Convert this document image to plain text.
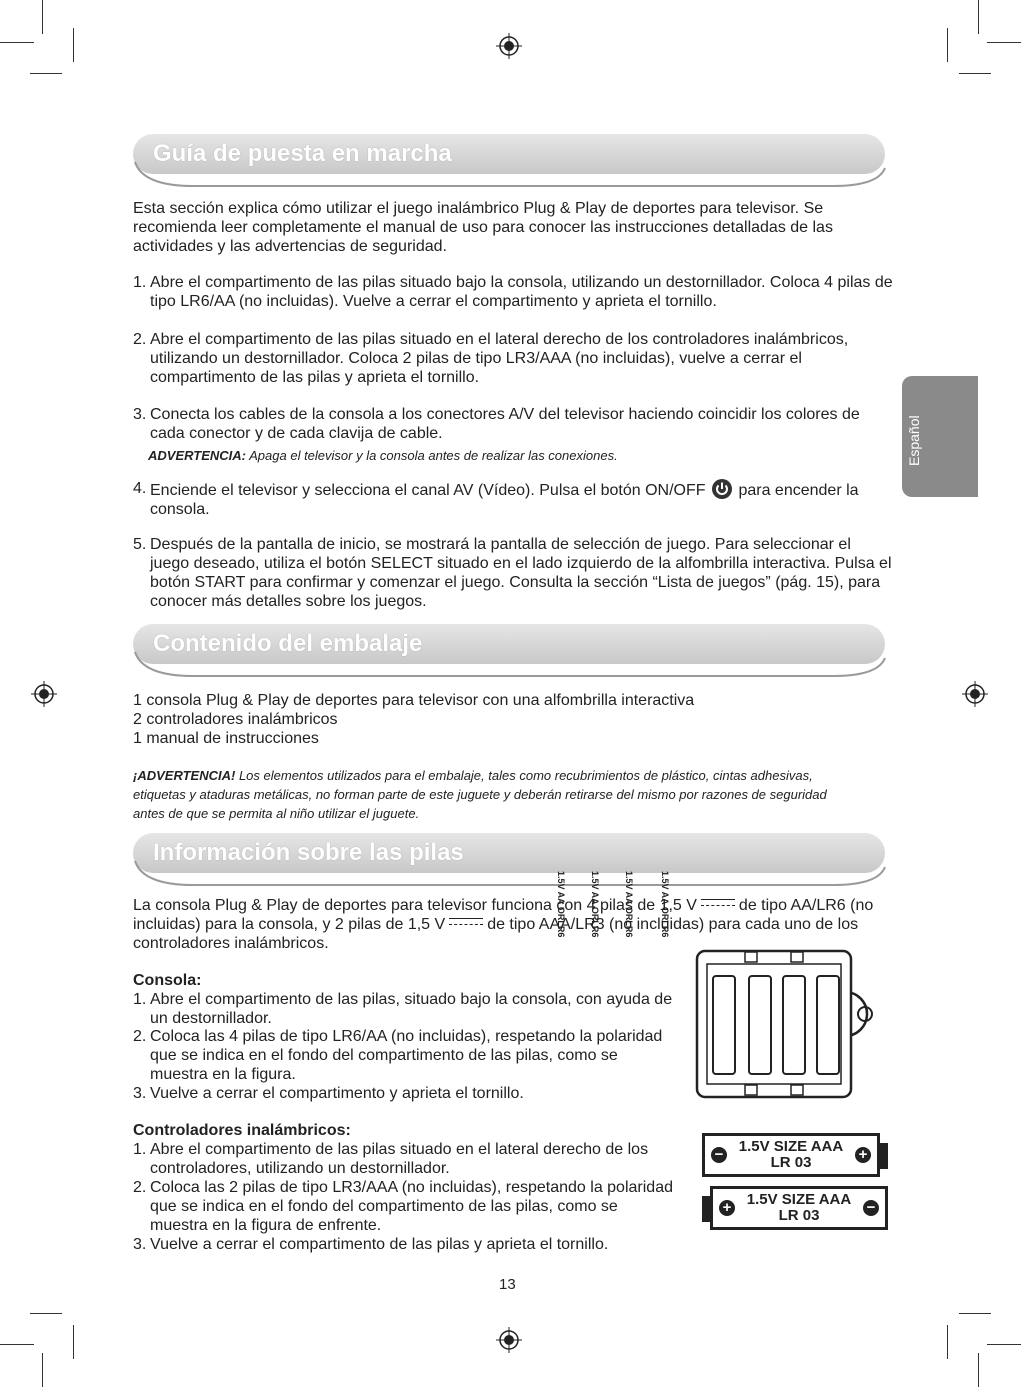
Español
Guía de puesta en marcha

Esta sección explica cómo utilizar el juego inalámbrico Plug & Play de deportes para televisor. Se recomienda leer completamente el manual de uso para conocer las instrucciones detalladas de las actividades y las advertencias de seguridad.

1. Abre el compartimento de las pilas situado bajo la consola, utilizando un destornillador. Coloca 4 pilas de tipo LR6/AA (no incluidas). Vuelve a cerrar el compartimento y aprieta el tornillo.
2. Abre el compartimento de las pilas situado en el lateral derecho de los controladores inalámbricos, utilizando un destornillador. Coloca 2 pilas de tipo LR3/AAA (no incluidas), vuelve a cerrar el compartimento de las pilas y aprieta el tornillo.
3. Conecta los cables de la consola a los conectores A/V del televisor haciendo coincidir los colores de cada conector y de cada clavija de cable.
ADVERTENCIA: Apaga el televisor y la consola antes de realizar las conexiones.
4. Enciende el televisor y selecciona el canal AV (Vídeo). Pulsa el botón ON/OFF para encender la consola.
5. Después de la pantalla de inicio, se mostrará la pantalla de selección de juego. Para seleccionar el juego deseado, utiliza el botón SELECT situado en el lado izquierdo de la alfombrilla interactiva. Pulsa el botón START para confirmar y comenzar el juego. Consulta la sección “Lista de juegos” (pág. 15), para conocer más detalles sobre los juegos.
Contenido del embalaje

1 consola Plug & Play de deportes para televisor con una alfombrilla interactiva

2 controladores inalámbricos

1 manual de instrucciones

¡ADVERTENCIA! Los elementos utilizados para el embalaje, tales como recubrimientos de plástico, cintas adhesivas, etiquetas y ataduras metálicas, no forman parte de este juguete y deberán retirarse del mismo por razones de seguridad antes de que se permita al niño utilizar el juguete.
Información sobre las pilas
La consola Plug & Play de deportes para televisor funciona con 4 pilas de 1,5 V	de tipo AA/LR6 (no incluidas) para la consola, y 2 pilas de 1,5 V	de tipo AAA/LR3 (no incluidas) para cada uno de los controladores inalámbricos.
Consola:
1. Abre el compartimento de las pilas, situado bajo la consola, con ayuda de un destornillador.
2. Coloca las 4 pilas de tipo LR6/AA (no incluidas), respetando la polaridad que se indica en el fondo del compartimento de las pilas, como se muestra en la figura.
3. Vuelve a cerrar el compartimento y aprieta el tornillo.
Controladores inalámbricos:
1. Abre el compartimento de las pilas situado en el lateral derecho de los controladores, utilizando un destornillador.
2. Coloca las 2 pilas de tipo LR3/AAA (no incluidas), respetando la polaridad que se indica en el fondo del compartimento de las pilas, como se muestra en la figura de enfrente.
3. Vuelve a cerrar el compartimento de las pilas y aprieta el tornillo.
1.5V AA ORLR6
1.5V AA ORLR6
1.5V AA ORLR6
1.5V AA ORLR6
−	1.5V SIZE AAA
LR 03	+
+	1.5V SIZE AAA
LR 03	−
13
